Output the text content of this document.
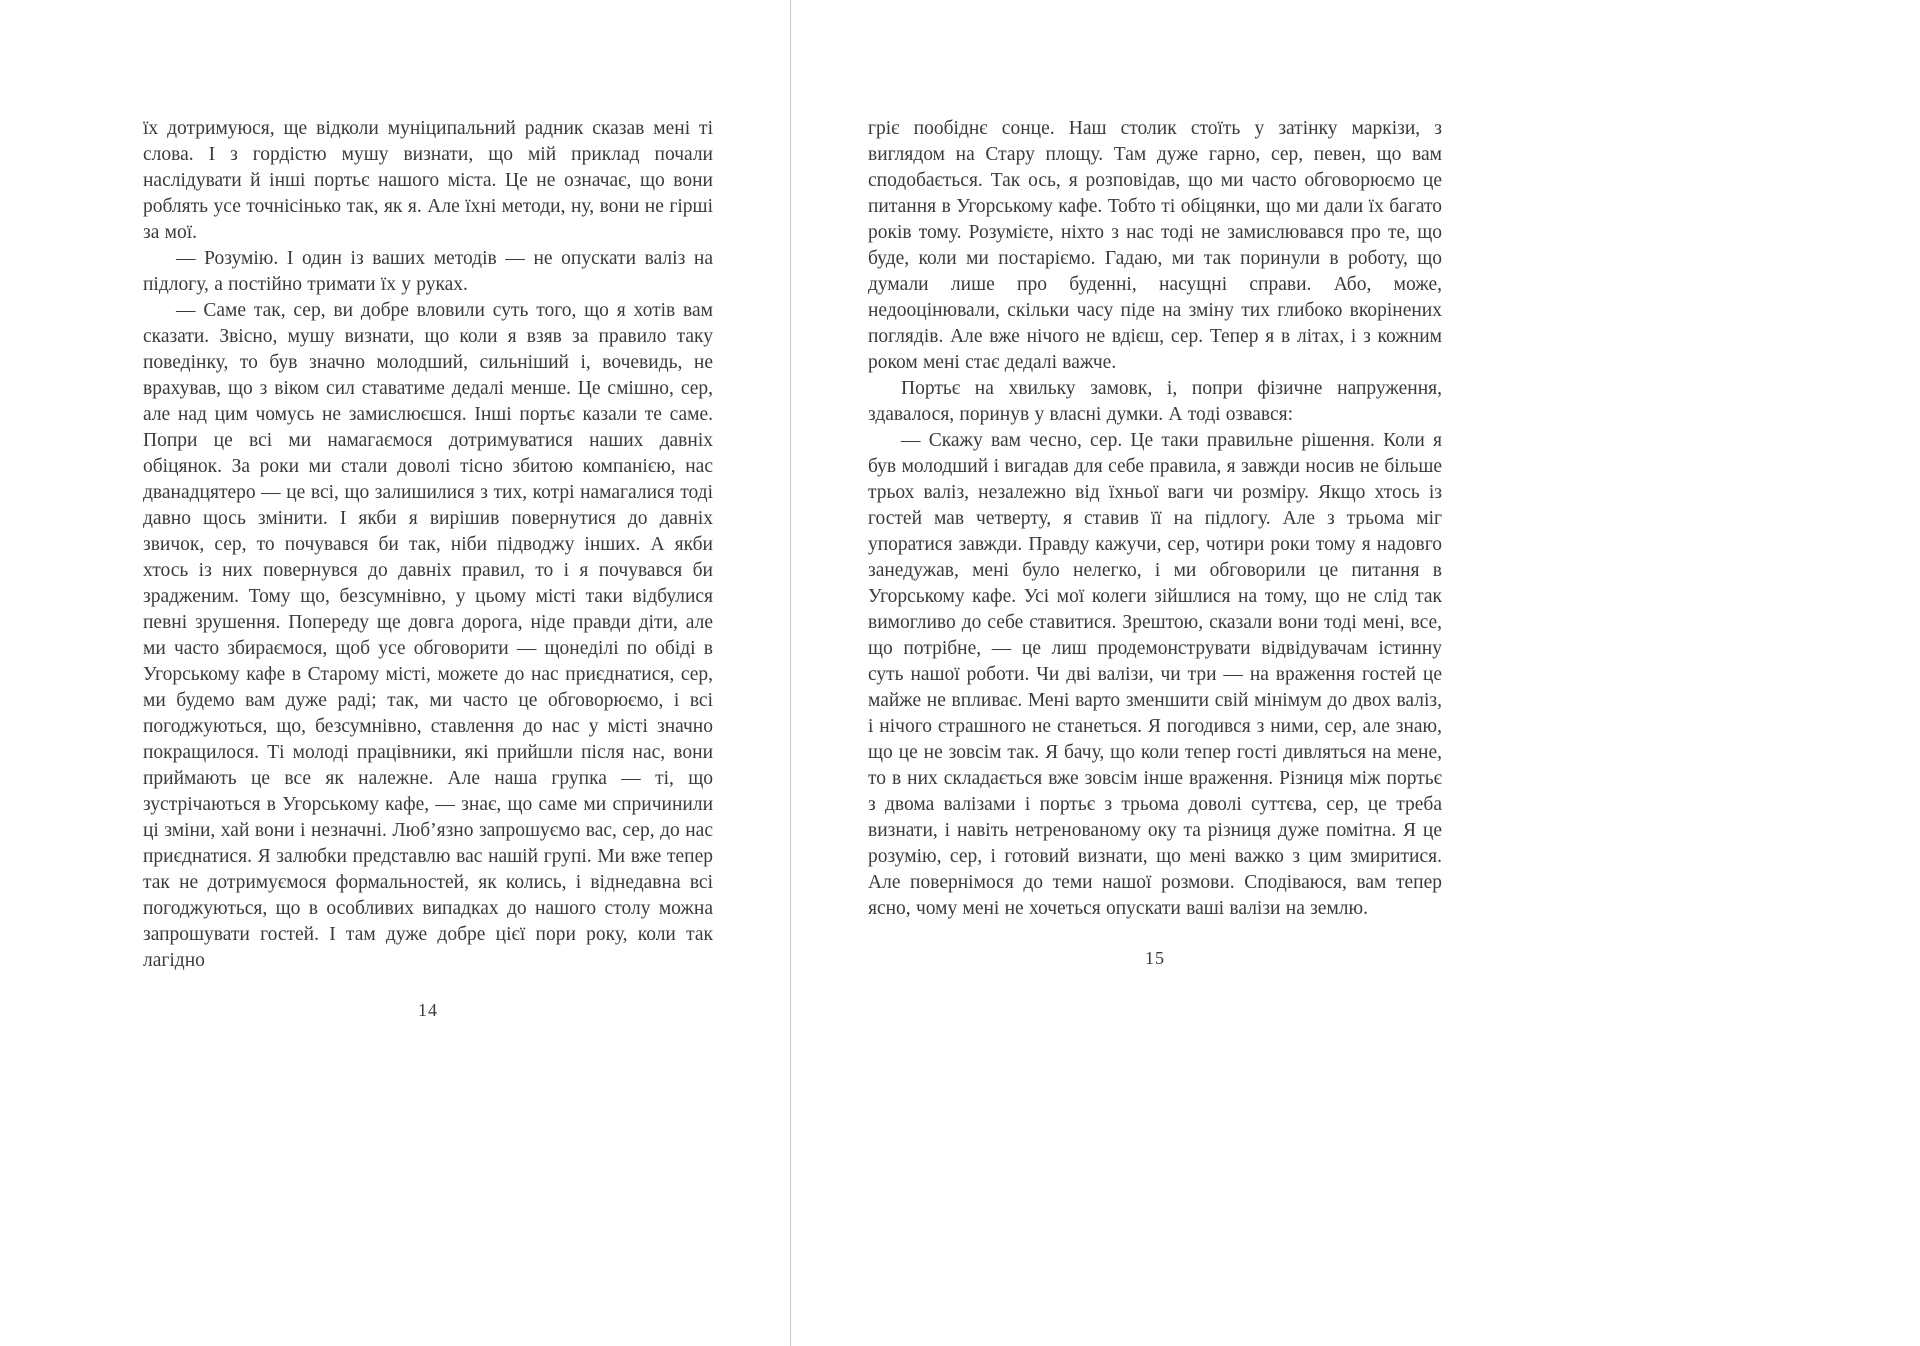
їх дотримуюся, ще відколи муніципальний радник сказав мені ті слова. І з гордістю мушу визнати, що мій приклад почали наслідувати й інші портьє нашого міста. Це не означає, що вони роблять усе точнісінько так, як я. Але їхні методи, ну, вони не гірші за мої.

— Розумію. І один із ваших методів — не опускати валіз на підлогу, а постійно тримати їх у руках.

— Саме так, сер, ви добре вловили суть того, що я хотів вам сказати. Звісно, мушу визнати, що коли я взяв за правило таку поведінку, то був значно молодший, сильніший і, вочевидь, не врахував, що з віком сил ставатиме дедалі менше. Це смішно, сер, але над цим чомусь не замислюєшся. Інші портьє казали те саме. Попри це всі ми намагаємося дотримуватися наших давніх обіцянок. За роки ми стали доволі тісно збитою компанією, нас дванадцятеро — це всі, що залишилися з тих, котрі намагалися тоді давно щось змінити. І якби я вирішив повернутися до давніх звичок, сер, то почувався би так, ніби підводжу інших. А якби хтось із них повернувся до давніх правил, то і я почувався би зрадженим. Тому що, безсумнівно, у цьому місті таки відбулися певні зрушення. Попереду ще довга дорога, ніде правди діти, але ми часто збираємося, щоб усе обговорити — щонеділі по обіді в Угорському кафе в Старому місті, можете до нас приєднатися, сер, ми будемо вам дуже раді; так, ми часто це обговорюємо, і всі погоджуються, що, безсумнівно, ставлення до нас у місті значно покращилося. Ті молоді працівники, які прийшли після нас, вони приймають це все як належне. Але наша групка — ті, що зустрічаються в Угорському кафе, — знає, що саме ми спричинили ці зміни, хай вони і незначні. Люб’язно запрошуємо вас, сер, до нас приєднатися. Я залюбки представлю вас нашій групі. Ми вже тепер так не дотримуємося формальностей, як колись, і віднедавна всі погоджуються, що в особливих випадках до нашого столу можна запрошувати гостей. І там дуже добре цієї пори року, коли так лагідно

14

гріє пообіднє сонце. Наш столик стоїть у затінку маркізи, з виглядом на Стару площу. Там дуже гарно, сер, певен, що вам сподобається. Так ось, я розповідав, що ми часто обговорюємо це питання в Угорському кафе. Тобто ті обіцянки, що ми дали їх багато років тому. Розумієте, ніхто з нас тоді не замислювався про те, що буде, коли ми постаріємо. Гадаю, ми так поринули в роботу, що думали лише про буденні, насущні справи. Або, може, недооцінювали, скільки часу піде на зміну тих глибоко вкорінених поглядів. Але вже нічого не вдієш, сер. Тепер я в літах, і з кожним роком мені стає дедалі важче.

Портьє на хвильку замовк, і, попри фізичне напруження, здавалося, поринув у власні думки. А тоді озвався:

— Скажу вам чесно, сер. Це таки правильне рішення. Коли я був молодший і вигадав для себе правила, я завжди носив не більше трьох валіз, незалежно від їхньої ваги чи розміру. Якщо хтось із гостей мав четверту, я ставив її на підлогу. Але з трьома міг упоратися завжди. Правду кажучи, сер, чотири роки тому я надовго занедужав, мені було нелегко, і ми обговорили це питання в Угорському кафе. Усі мої колеги зійшлися на тому, що не слід так вимогливо до себе ставитися. Зрештою, сказали вони тоді мені, все, що потрібне, — це лиш продемонструвати відвідувачам істинну суть нашої роботи. Чи дві валізи, чи три — на враження гостей це майже не впливає. Мені варто зменшити свій мінімум до двох валіз, і нічого страшного не станеться. Я погодився з ними, сер, але знаю, що це не зовсім так. Я бачу, що коли тепер гості дивляться на мене, то в них складається вже зовсім інше враження. Різниця між портьє з двома валізами і портьє з трьома доволі суттєва, сер, це треба визнати, і навіть нетренованому оку та різниця дуже помітна. Я це розумію, сер, і готовий визнати, що мені важко з цим змиритися. Але повернімося до теми нашої розмови. Сподіваюся, вам тепер ясно, чому мені не хочеться опускати ваші валізи на землю.

15
